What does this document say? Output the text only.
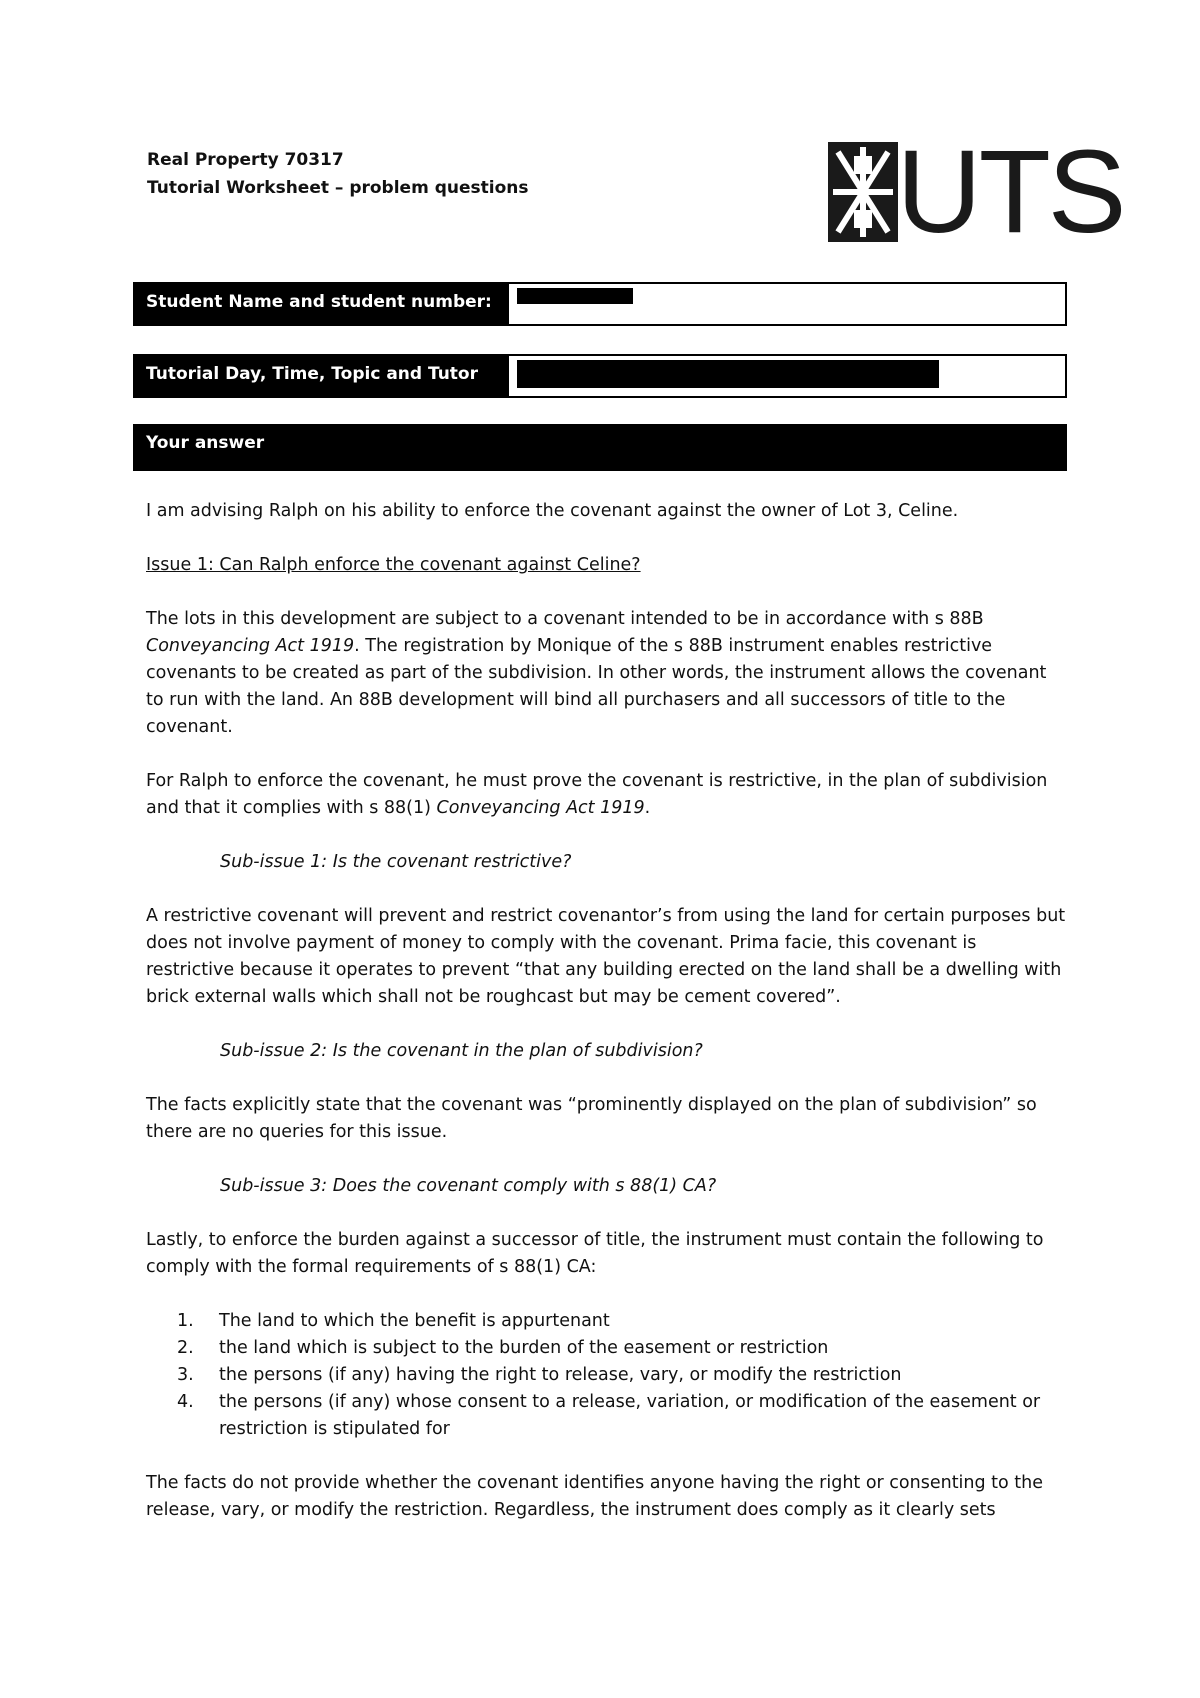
Real Property 70317
Tutorial Worksheet – problem questions	UTS
Student Name and student number:
Tutorial Day, Time, Topic and Tutor
Your answer

I am advising Ralph on his ability to enforce the covenant against the owner of Lot 3, Celine.

Issue 1: Can Ralph enforce the covenant against Celine?

The lots in this development are subject to a covenant intended to be in accordance with s 88B Conveyancing Act 1919. The registration by Monique of the s 88B instrument enables restrictive covenants to be created as part of the subdivision. In other words, the instrument allows the covenant to run with the land. An 88B development will bind all purchasers and all successors of title to the covenant.

For Ralph to enforce the covenant, he must prove the covenant is restrictive, in the plan of subdivision and that it complies with s 88(1) Conveyancing Act 1919.

Sub-issue 1: Is the covenant restrictive?

A restrictive covenant will prevent and restrict covenantor’s from using the land for certain purposes but does not involve payment of money to comply with the covenant. Prima facie, this covenant is restrictive because it operates to prevent “that any building erected on the land shall be a dwelling with brick external walls which shall not be roughcast but may be cement covered”.

Sub-issue 2: Is the covenant in the plan of subdivision?

The facts explicitly state that the covenant was “prominently displayed on the plan of subdivision” so there are no queries for this issue.

Sub-issue 3: Does the covenant comply with s 88(1) CA?

Lastly, to enforce the burden against a successor of title, the instrument must contain the following to comply with the formal requirements of s 88(1) CA:

1. The land to which the benefit is appurtenant
2. the land which is subject to the burden of the easement or restriction
3. the persons (if any) having the right to release, vary, or modify the restriction
4. the persons (if any) whose consent to a release, variation, or modification of the easement or restriction is stipulated for

The facts do not provide whether the covenant identifies anyone having the right or consenting to the release, vary, or modify the restriction. Regardless, the instrument does comply as it clearly sets
